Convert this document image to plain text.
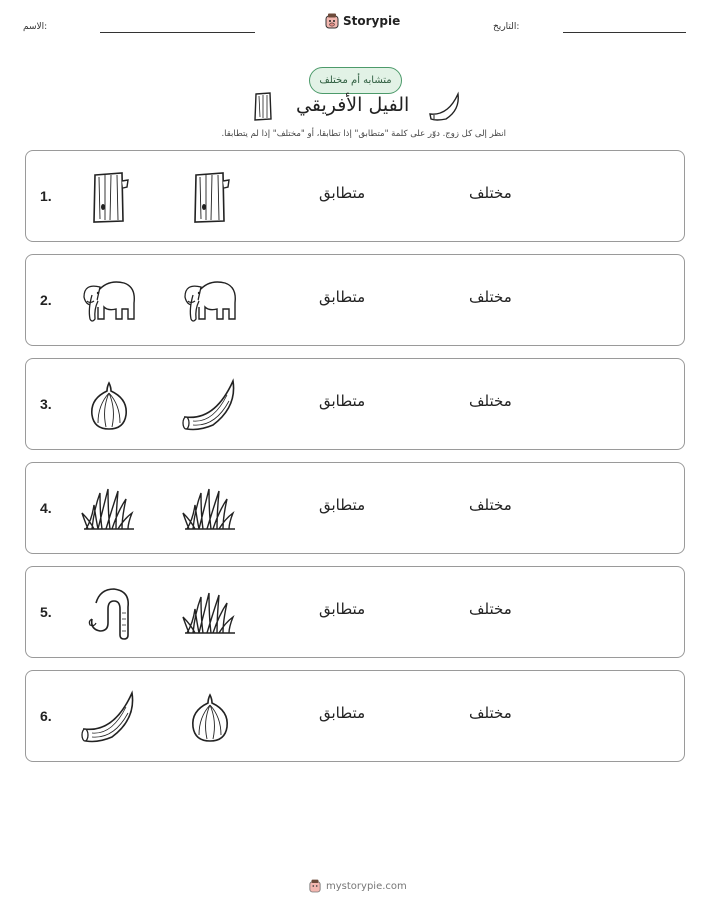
الاسم:	Storypie	التاريخ:
متشابه أم مختلف
الفيل الأفريقي
انظر إلى كل زوج. دوّر على كلمة "متطابق" إذا تطابقا، أو "مختلف" إذا لم يتطابقا.
1.	متطابق	مختلف
2.	متطابق	مختلف
3.	متطابق	مختلف
4.	متطابق	مختلف
5.	متطابق	مختلف
6.	متطابق	مختلف
mystorypie.com
